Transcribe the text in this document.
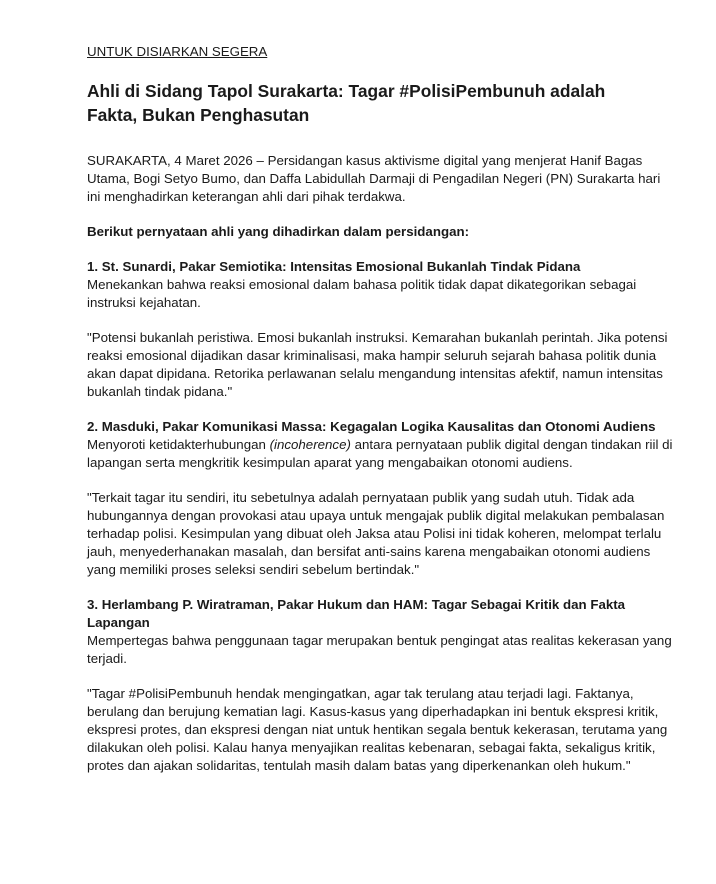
UNTUK DISIARKAN SEGERA

Ahli di Sidang Tapol Surakarta: Tagar #PolisiPembunuh adalah Fakta, Bukan Penghasutan

SURAKARTA, 4 Maret 2026 – Persidangan kasus aktivisme digital yang menjerat Hanif Bagas Utama, Bogi Setyo Bumo, dan Daffa Labidullah Darmaji di Pengadilan Negeri (PN) Surakarta hari ini menghadirkan keterangan ahli dari pihak terdakwa.

Berikut pernyataan ahli yang dihadirkan dalam persidangan:

1. St. Sunardi, Pakar Semiotika: Intensitas Emosional Bukanlah Tindak Pidana

Menekankan bahwa reaksi emosional dalam bahasa politik tidak dapat dikategorikan sebagai instruksi kejahatan.

"Potensi bukanlah peristiwa. Emosi bukanlah instruksi. Kemarahan bukanlah perintah. Jika potensi reaksi emosional dijadikan dasar kriminalisasi, maka hampir seluruh sejarah bahasa politik dunia akan dapat dipidana. Retorika perlawanan selalu mengandung intensitas afektif, namun intensitas bukanlah tindak pidana."

2. Masduki, Pakar Komunikasi Massa: Kegagalan Logika Kausalitas dan Otonomi Audiens

Menyoroti ketidakterhubungan (incoherence) antara pernyataan publik digital dengan tindakan riil di lapangan serta mengkritik kesimpulan aparat yang mengabaikan otonomi audiens.

"Terkait tagar itu sendiri, itu sebetulnya adalah pernyataan publik yang sudah utuh. Tidak ada hubungannya dengan provokasi atau upaya untuk mengajak publik digital melakukan pembalasan terhadap polisi. Kesimpulan yang dibuat oleh Jaksa atau Polisi ini tidak koheren, melompat terlalu jauh, menyederhanakan masalah, dan bersifat anti-sains karena mengabaikan otonomi audiens yang memiliki proses seleksi sendiri sebelum bertindak."

3. Herlambang P. Wiratraman, Pakar Hukum dan HAM: Tagar Sebagai Kritik dan Fakta Lapangan

Mempertegas bahwa penggunaan tagar merupakan bentuk pengingat atas realitas kekerasan yang terjadi.

"Tagar #PolisiPembunuh hendak mengingatkan, agar tak terulang atau terjadi lagi. Faktanya, berulang dan berujung kematian lagi. Kasus-kasus yang diperhadapkan ini bentuk ekspresi kritik, ekspresi protes, dan ekspresi dengan niat untuk hentikan segala bentuk kekerasan, terutama yang dilakukan oleh polisi. Kalau hanya menyajikan realitas kebenaran, sebagai fakta, sekaligus kritik, protes dan ajakan solidaritas, tentulah masih dalam batas yang diperkenankan oleh hukum."
